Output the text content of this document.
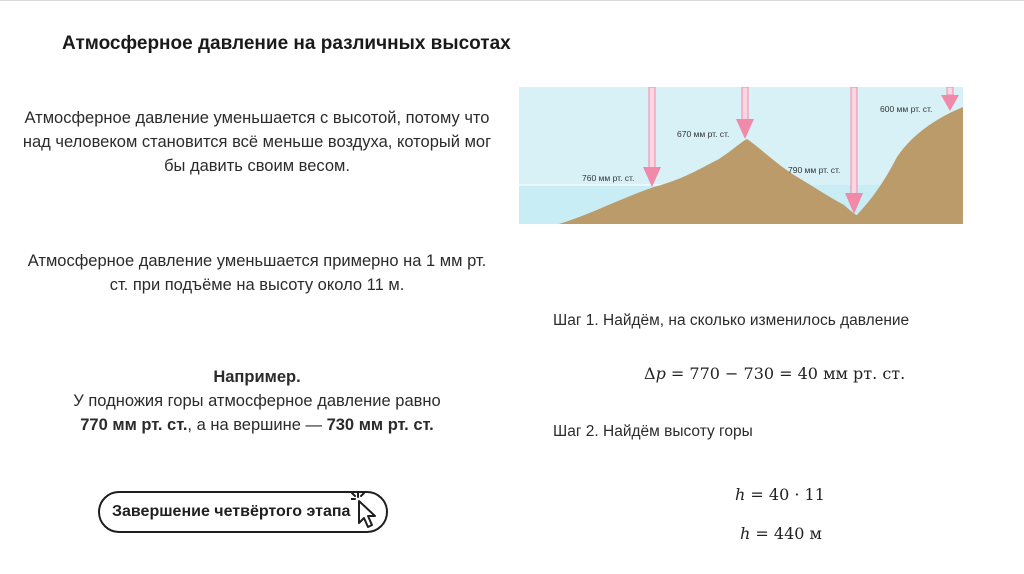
Атмосферное давление на различных высотах

Атмосферное давление уменьшается с высотой, потому что над человеком становится всё меньше воздуха, который мог бы давить своим весом.

Атмосферное давление уменьшается примерно на 1 мм рт. ст. при подъёме на высоту около 11 м.

Например.

У подножия горы атмосферное давление равно
770 мм рт. ст., а на вершине — 730 мм рт. ст.

760 мм рт. ст.
670 мм рт. ст.
790 мм рт. ст.
600 мм рт. ст.
Шаг 1. Найдём, на сколько изменилось давление
Δp = 770 − 730 = 40 мм рт. ст.
Шаг 2. Найдём высоту горы
h = 40 · 11
h = 440 м
Завершение четвёртого этапа
